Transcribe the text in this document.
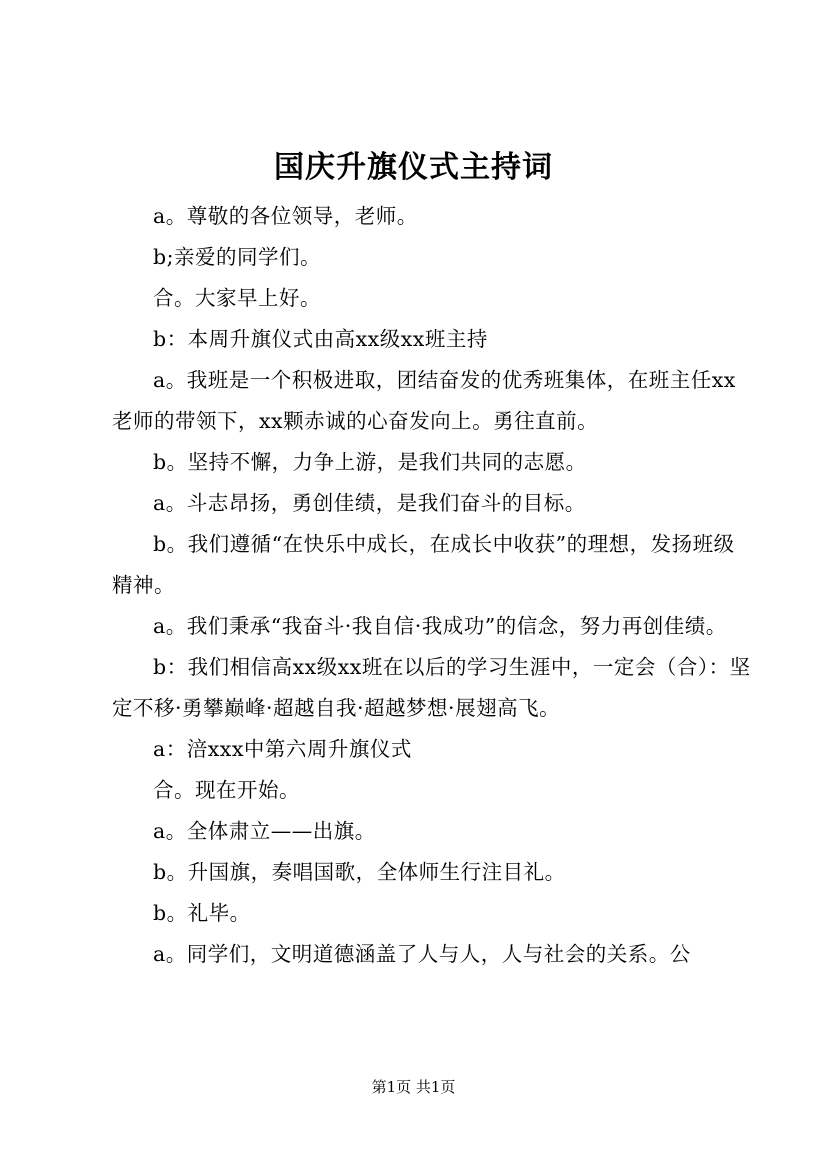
国庆升旗仪式主持词

a。尊敬的各位领导，老师。

b;亲爱的同学们。

合。大家早上好。

b：本周升旗仪式由高xx级xx班主持

a。我班是一个积极进取，团结奋发的优秀班集体，在班主任xx老师的带领下，xx颗赤诚的心奋发向上。勇往直前。

b。坚持不懈，力争上游，是我们共同的志愿。

a。斗志昂扬，勇创佳绩，是我们奋斗的目标。

b。我们遵循“在快乐中成长，在成长中收获”的理想，发扬班级精神。

a。我们秉承“我奋斗·我自信·我成功”的信念，努力再创佳绩。

b：我们相信高xx级xx班在以后的学习生涯中，一定会（合）：坚定不移·勇攀巅峰·超越自我·超越梦想·展翅高飞。

a：涪xxx中第六周升旗仪式

合。现在开始。

a。全体肃立——出旗。

b。升国旗，奏唱国歌，全体师生行注目礼。

b。礼毕。

a。同学们，文明道德涵盖了人与人，人与社会的关系。公

第1页 共1页
